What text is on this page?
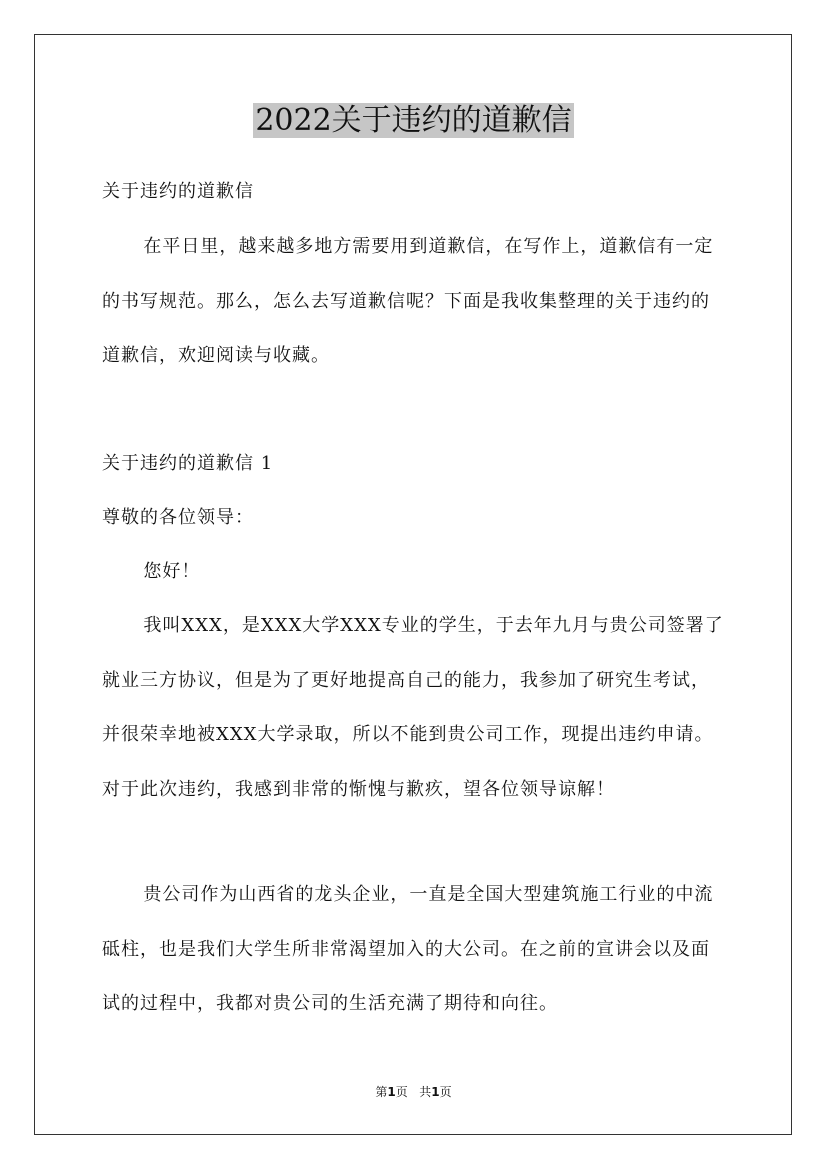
2022关于违约的道歉信

关于违约的道歉信

在平日里，越来越多地方需要用到道歉信，在写作上，道歉信有一定的书写规范。那么，怎么去写道歉信呢？下面是我收集整理的关于违约的道歉信，欢迎阅读与收藏。

关于违约的道歉信 1

尊敬的各位领导：

您好！

我叫XXX，是XXX大学XXX专业的学生，于去年九月与贵公司签署了就业三方协议，但是为了更好地提高自己的能力，我参加了研究生考试，并很荣幸地被XXX大学录取，所以不能到贵公司工作，现提出违约申请。对于此次违约，我感到非常的惭愧与歉疚，望各位领导谅解！

贵公司作为山西省的龙头企业，一直是全国大型建筑施工行业的中流砥柱，也是我们大学生所非常渴望加入的大公司。在之前的宣讲会以及面试的过程中，我都对贵公司的生活充满了期待和向往。

第1页 共1页
